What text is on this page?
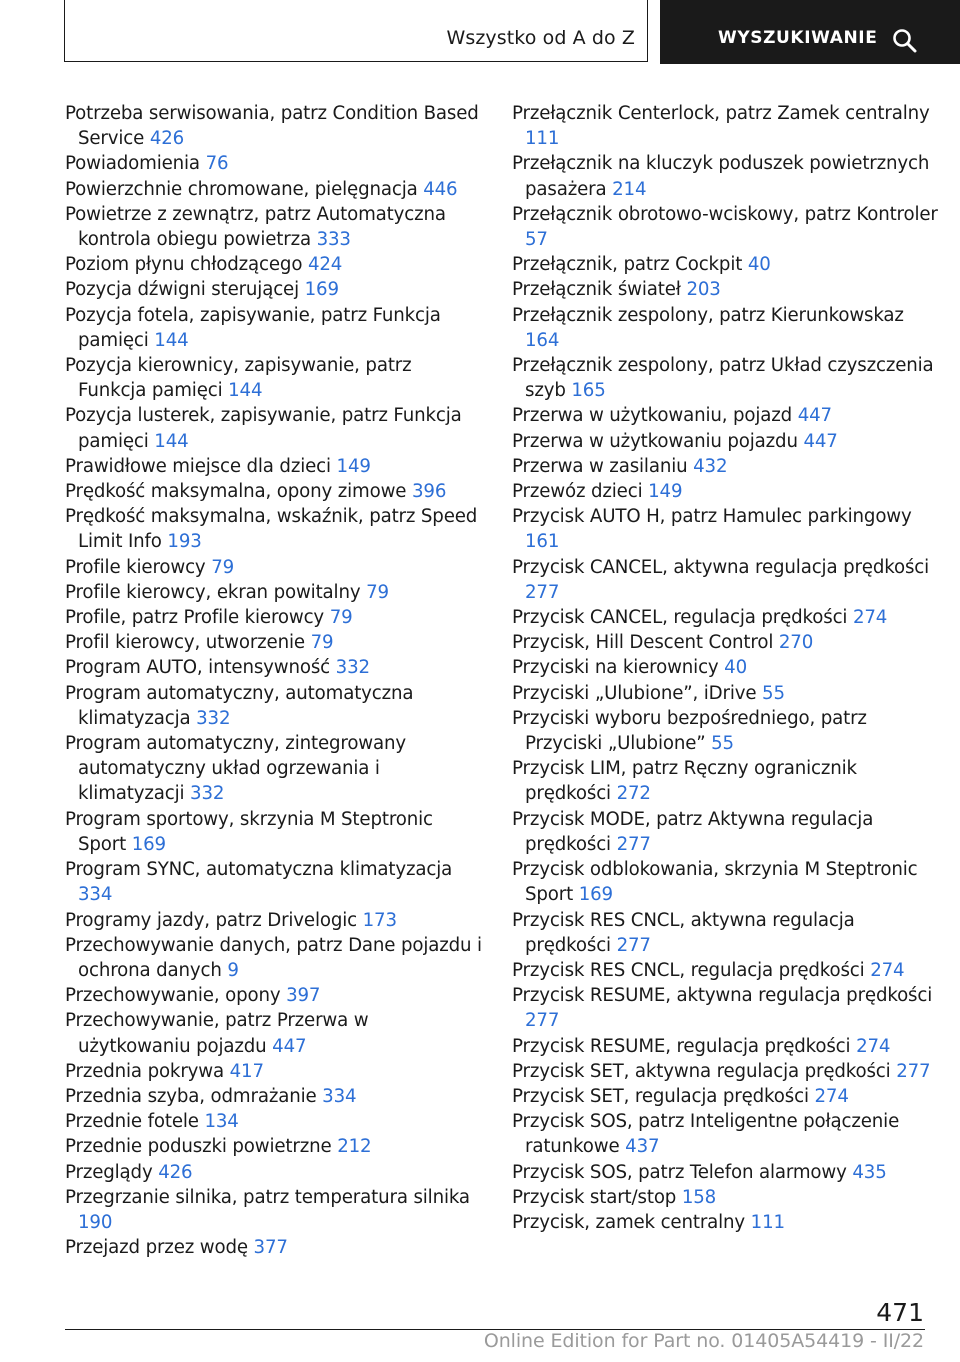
Wszystko od A do Z	WYSZUKIWANIE
Potrzeba serwisowania, patrz Condition Based Service 426
Powiadomienia 76
Powierzchnie chromowane, pielęgnacja 446
Powietrze z zewnątrz, patrz Automatyczna kontrola obiegu powietrza 333
Poziom płynu chłodzącego 424
Pozycja dźwigni sterującej 169
Pozycja fotela, zapisywanie, patrz Funkcja pamięci 144
Pozycja kierownicy, zapisywanie, patrz Funkcja pamięci 144
Pozycja lusterek, zapisywanie, patrz Funkcja pamięci 144
Prawidłowe miejsce dla dzieci 149
Prędkość maksymalna, opony zimowe 396
Prędkość maksymalna, wskaźnik, patrz Speed Limit Info 193
Profile kierowcy 79
Profile kierowcy, ekran powitalny 79
Profile, patrz Profile kierowcy 79
Profil kierowcy, utworzenie 79
Program AUTO, intensywność 332
Program automatyczny, automatyczna klimatyzacja 332
Program automatyczny, zintegrowany automatyczny układ ogrzewania i klimatyzacji 332
Program sportowy, skrzynia M Steptronic Sport 169
Program SYNC, automatyczna klimatyzacja 334
Programy jazdy, patrz Drivelogic 173
Przechowywanie danych, patrz Dane pojazdu i ochrona danych 9
Przechowywanie, opony 397
Przechowywanie, patrz Przerwa w użytkowaniu pojazdu 447
Przednia pokrywa 417
Przednia szyba, odmrażanie 334
Przednie fotele 134
Przednie poduszki powietrzne 212
Przeglądy 426
Przegrzanie silnika, patrz temperatura silnika 190
Przejazd przez wodę 377
Przełącznik Centerlock, patrz Zamek centralny 111
Przełącznik na kluczyk poduszek powietrznych pasażera 214
Przełącznik obrotowo-wciskowy, patrz Kontroler 57
Przełącznik, patrz Cockpit 40
Przełącznik świateł 203
Przełącznik zespolony, patrz Kierunkowskaz 164
Przełącznik zespolony, patrz Układ czyszczenia szyb 165
Przerwa w użytkowaniu, pojazd 447
Przerwa w użytkowaniu pojazdu 447
Przerwa w zasilaniu 432
Przewóz dzieci 149
Przycisk AUTO H, patrz Hamulec parkingowy 161
Przycisk CANCEL, aktywna regulacja prędkości 277
Przycisk CANCEL, regulacja prędkości 274
Przycisk, Hill Descent Control 270
Przyciski na kierownicy 40
Przyciski „Ulubione”, iDrive 55
Przyciski wyboru bezpośredniego, patrz Przyciski „Ulubione” 55
Przycisk LIM, patrz Ręczny ogranicznik prędkości 272
Przycisk MODE, patrz Aktywna regulacja prędkości 277
Przycisk odblokowania, skrzynia M Steptronic Sport 169
Przycisk RES CNCL, aktywna regulacja prędkości 277
Przycisk RES CNCL, regulacja prędkości 274
Przycisk RESUME, aktywna regulacja prędkości 277
Przycisk RESUME, regulacja prędkości 274
Przycisk SET, aktywna regulacja prędkości 277
Przycisk SET, regulacja prędkości 274
Przycisk SOS, patrz Inteligentne połączenie ratunkowe 437
Przycisk SOS, patrz Telefon alarmowy 435
Przycisk start/stop 158
Przycisk, zamek centralny 111
471
Online Edition for Part no. 01405A54419 - II/22
